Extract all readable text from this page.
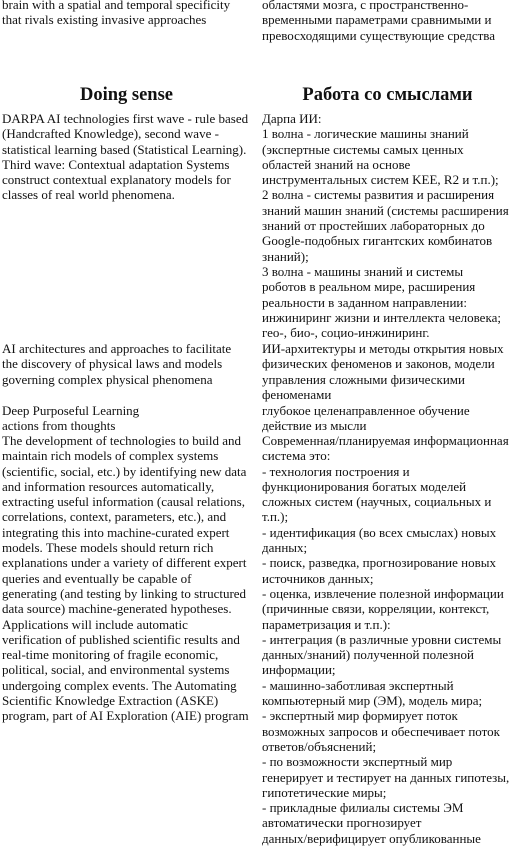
brain with a spatial and temporal specificity
that rivals existing invasive approaches

областями мозга, с пространственно-
временными параметрами сравнимыми и
превосходящими существующие средства

Doing sense	Работа со смыслами

DARPA AI technologies first wave - rule based
(Handcrafted Knowledge), second wave -
statistical learning based (Statistical Learning).
Third wave: Contextual adaptation Systems
construct contextual explanatory models for
classes of real world phenomena.

Дарпа ИИ:
1 волна - логические машины знаний
(экспертные системы самых ценных
областей знаний на основе
инструментальных систем KEE, R2 и т.п.);
2 волна - системы развития и расширения
знаний машин знаний (системы расширения
знаний от простейших лабораторных до
Google-подобных гигантских комбинатов
знаний);
3 волна - машины знаний и системы
роботов в реальном мире, расширения
реальности в заданном направлении:
инжиниринг жизни и интеллекта человека;
гео-, био-, социо-инжиниринг.

AI architectures and approaches to facilitate
the discovery of physical laws and models
governing complex physical phenomena

ИИ-архитектуры и методы открытия новых
физических феноменов и законов, модели
управления сложными физическими
феноменами

Deep Purposeful Learning
actions from thoughts

глубокое целенаправленное обучение
действие из мысли

The development of technologies to build and
maintain rich models of complex systems
(scientific, social, etc.) by identifying new data
and information resources automatically,
extracting useful information (causal relations,
correlations, context, parameters, etc.), and
integrating this into machine-curated expert
models. These models should return rich
explanations under a variety of different expert
queries and eventually be capable of
generating (and testing by linking to structured
data source) machine-generated hypotheses.
Applications will include automatic
verification of published scientific results and
real-time monitoring of fragile economic,
political, social, and environmental systems
undergoing complex events. The Automating
Scientific Knowledge Extraction (ASKE)
program, part of AI Exploration (AIE) program

Современная/планируемая информационная
система это:
- технология построения и
функционирования богатых моделей
сложных систем (научных, социальных и
т.п.);
- идентификация (во всех смыслах) новых
данных;
- поиск, разведка, прогнозирование новых
источников данных;
- оценка, извлечение полезной информации
(причинные связи, корреляции, контекст,
параметризация и т.п.):
- интеграция (в различные уровни системы
данных/знаний) полученной полезной
информации;
- машинно-заботливая экспертный
компьютерный мир (ЭМ), модель мира;
- экспертный мир формирует поток
возможных запросов и обеспечивает поток
ответов/объяснений;
- по возможности экспертный мир
генерирует и тестирует на данных гипотезы,
гипотетические миры;
- прикладные филиалы системы ЭМ
автоматически прогнозирует
данных/верифицирует опубликованные
